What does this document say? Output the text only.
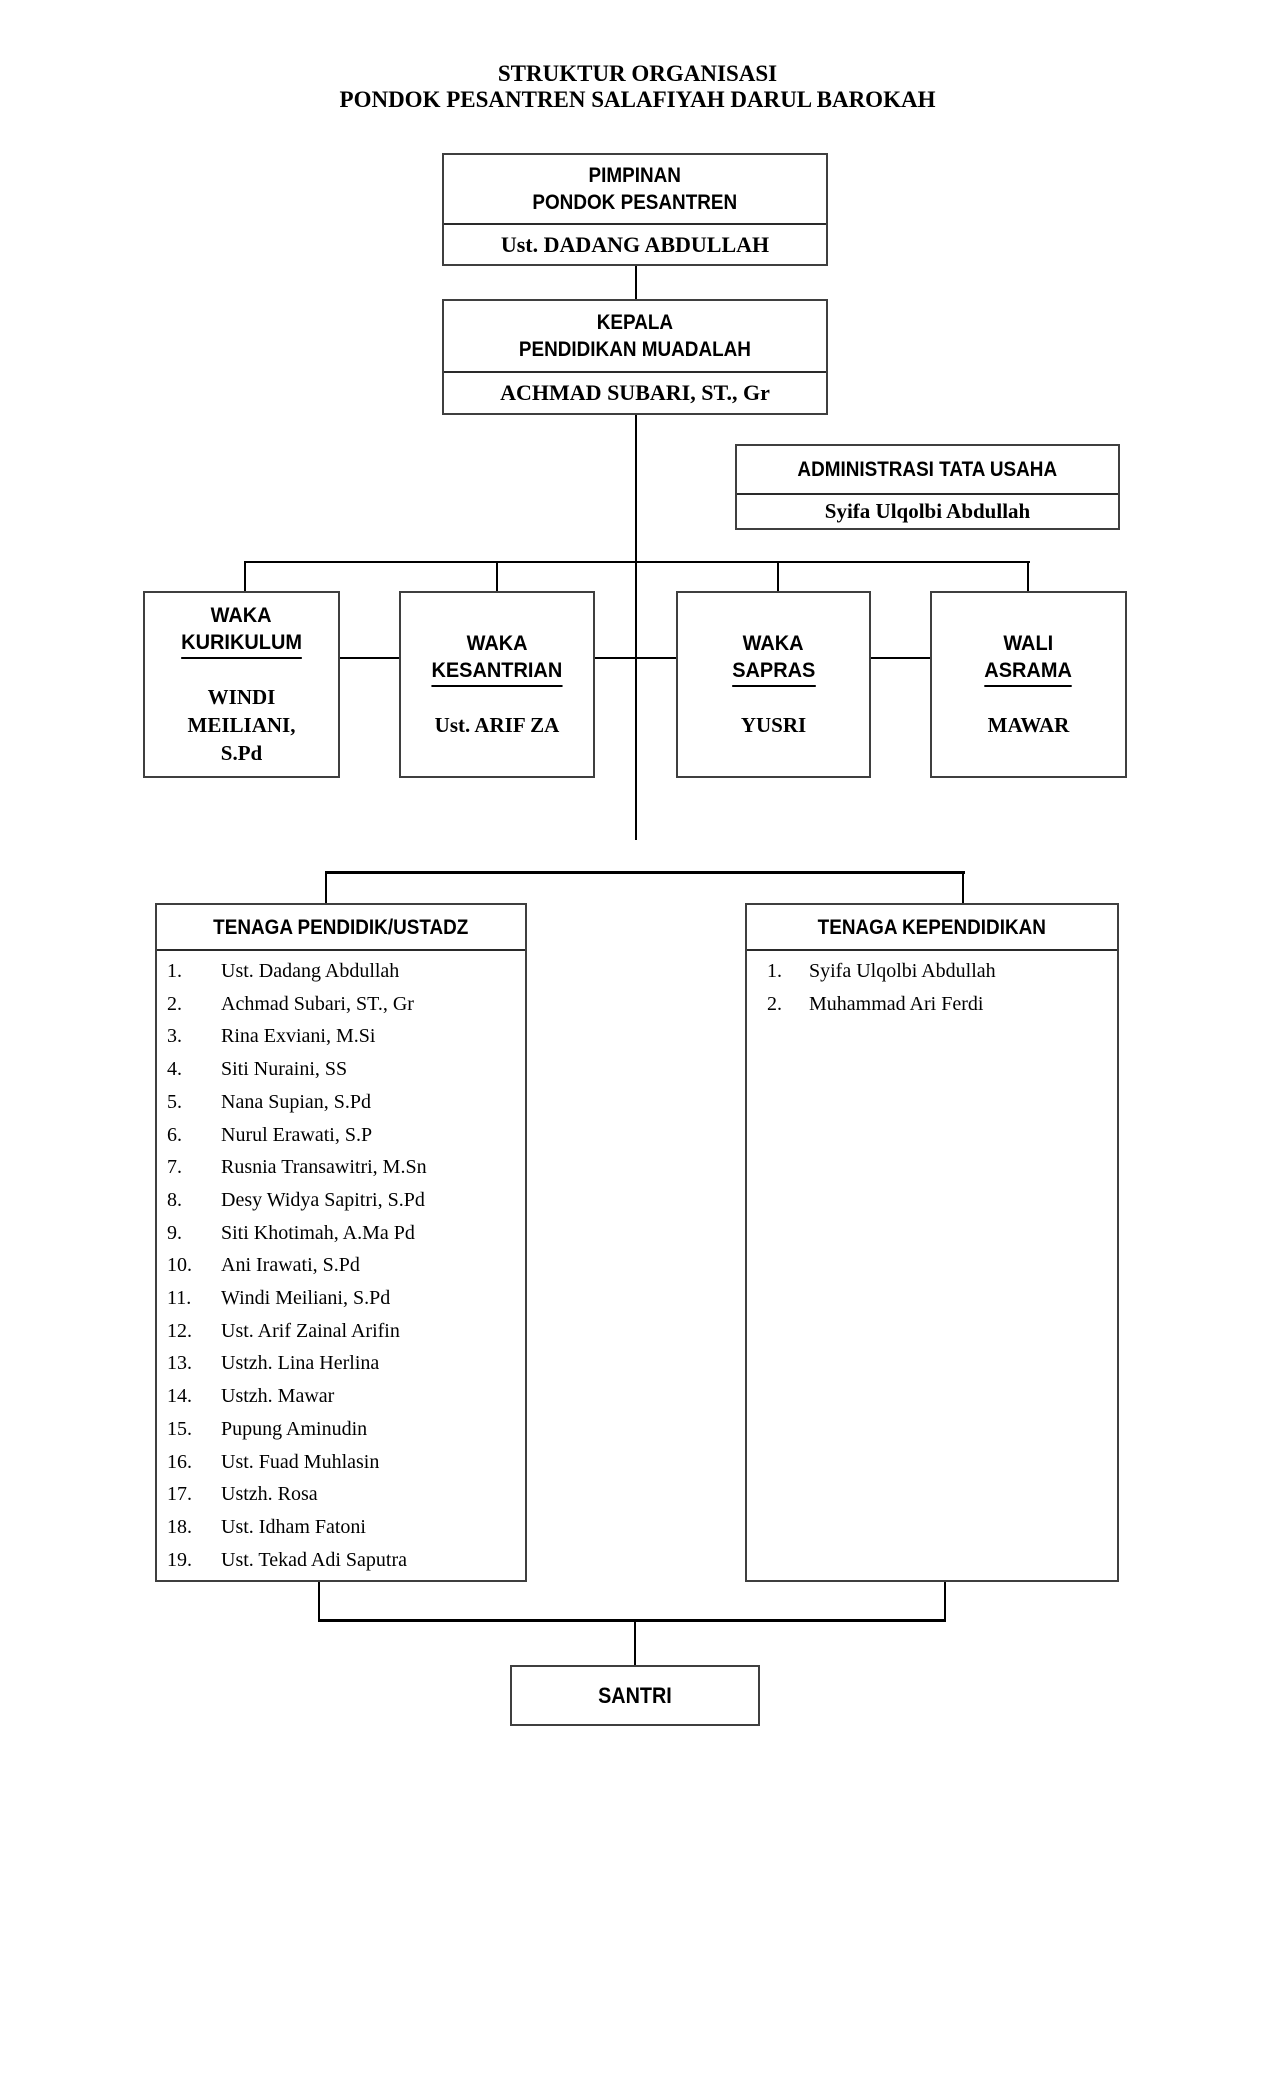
STRUKTUR ORGANISASI
PONDOK PESANTREN SALAFIYAH DARUL BAROKAH
PIMPINAN
PONDOK PESANTREN
Ust. DADANG ABDULLAH
KEPALA
PENDIDIKAN MUADALAH
ACHMAD SUBARI, ST., Gr
ADMINISTRASI TATA USAHA
Syifa Ulqolbi Abdullah
WAKA
KURIKULUM
WINDI MEILIANI, S.Pd
WAKA
KESANTRIAN
Ust. ARIF ZA
WAKA
SAPRAS
YUSRI
WALI
ASRAMA
MAWAR
TENAGA PENDIDIK/USTADZ
1. Ust. Dadang Abdullah
2. Achmad Subari, ST., Gr
3. Rina Exviani, M.Si
4. Siti Nuraini, SS
5. Nana Supian, S.Pd
6. Nurul Erawati, S.P
7. Rusnia Transawitri, M.Sn
8. Desy Widya Sapitri, S.Pd
9. Siti Khotimah, A.Ma Pd
10. Ani Irawati, S.Pd
11. Windi Meiliani, S.Pd
12. Ust. Arif Zainal Arifin
13. Ustzh. Lina Herlina
14. Ustzh. Mawar
15. Pupung Aminudin
16. Ust. Fuad Muhlasin
17. Ustzh. Rosa
18. Ust. Idham Fatoni
19. Ust. Tekad Adi Saputra
TENAGA KEPENDIDIKAN
1. Syifa Ulqolbi Abdullah
2. Muhammad Ari Ferdi
SANTRI
